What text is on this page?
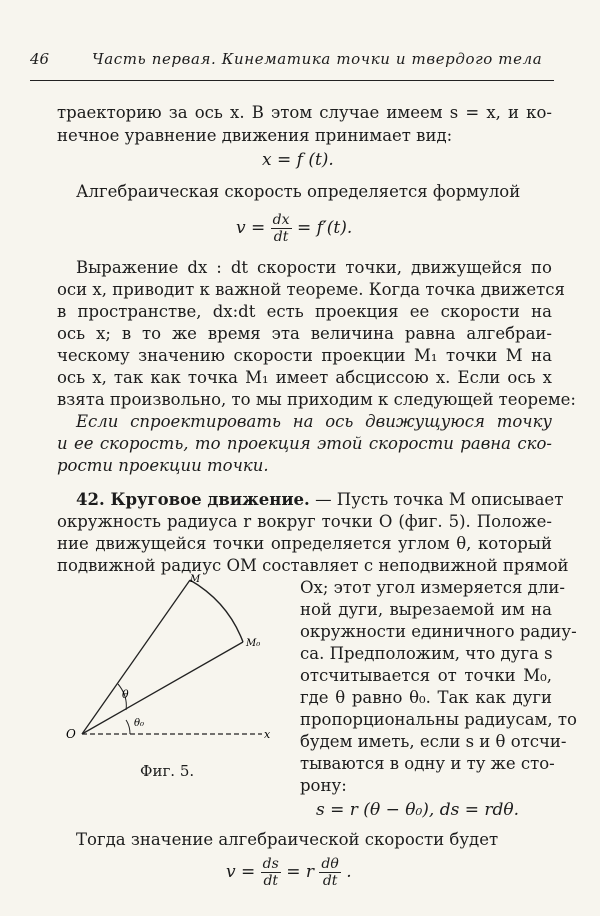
46	Часть первая. Кинематика точки и твердого тела
траекторию за ось x. В этом случае имеем s = x, и ко-
нечное уравнение движения принимает вид:
x = f (t).
Алгебраическая скорость определяется формулой
$v = \frac{dx}{dt} = f'(t)$.
Выражение dx : dt скорости точки, движущейся по
оси x, приводит к важной теореме. Когда точка движется
в пространстве, dx:dt есть проекция ее скорости на
ось x; в то же время эта величина равна алгебраи-
ческому значению скорости проекции M₁ точки M на
ось x, так как точка M₁ имеет абсциссою x. Если ось x
взята произвольно, то мы приходим к следующей теореме:
Если спроектировать на ось движущуюся точку
и ее скорость, то проекция этой скорости равна ско-
рости проекции точки.
42. Круговое движение. — Пусть точка M описывает
окружность радиуса r вокруг точки O (фиг. 5). Положе-
ние движущейся точки определяется углом θ, который
подвижной радиус OM составляет с неподвижной прямой
Ox; этот угол измеряется дли-
ной дуги, вырезаемой им на
окружности единичного радиу-
са. Предположим, что дуга s
отсчитывается от точки M₀,
где θ равно θ₀. Так как дуги
пропорциональны радиусам, то
будем иметь, если s и θ отсчи-
тываются в одну и ту же сто-
рону:
s = r (θ − θ₀), ds = rdθ.
O
M
M₀
θ
θ₀
x
Фиг. 5.
Тогда значение алгебраической скорости будет
$v = \frac{ds}{dt} = r \frac{d\theta}{dt}$ .
